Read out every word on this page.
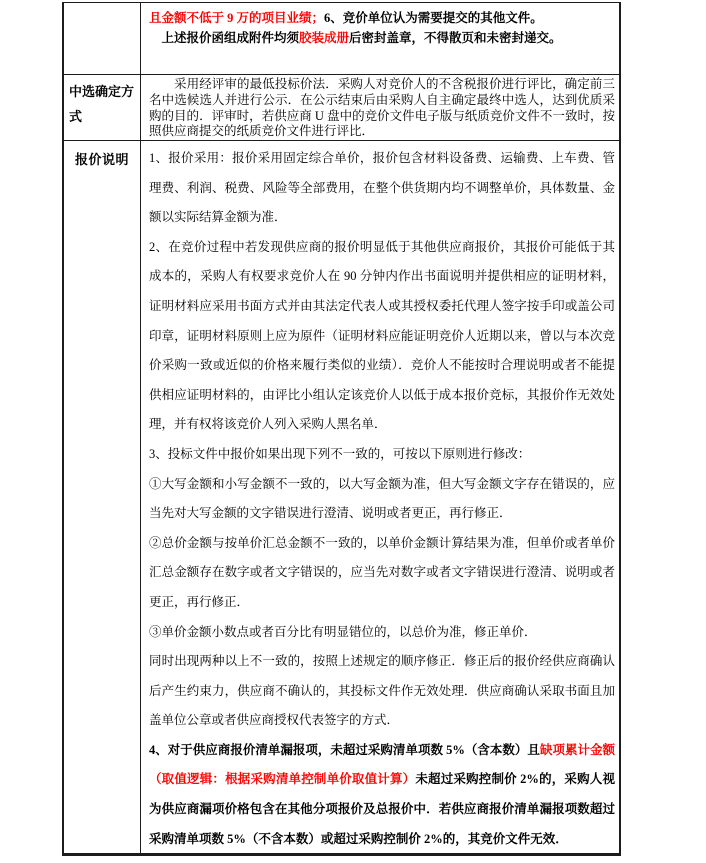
且金额不低于 9 万的项目业绩；6、竞价单位认为需要提交的其他文件。
上述报价函组成附件均须胶装成册后密封盖章，不得散页和未密封递交。
中选确定方式
采用经评审的最低投标价法．采购人对竞价人的不含税报价进行评比，确定前三名中选候选人并进行公示．在公示结束后由采购人自主确定最终中选人，达到优质采购的目的．评审时，若供应商 U 盘中的竞价文件电子版与纸质竞价文件不一致时，按照供应商提交的纸质竞价文件进行评比．
报价说明	1、报价采用：报价采用固定综合单价，报价包含材料设备费、运输费、上车费、管理费、利润、税费、风险等全部费用，在整个供货期内均不调整单价，具体数量、金额以实际结算金额为准．
2、在竞价过程中若发现供应商的报价明显低于其他供应商报价，其报价可能低于其成本的，采购人有权要求竞价人在 90 分钟内作出书面说明并提供相应的证明材料，证明材料应采用书面方式并由其法定代表人或其授权委托代理人签字按手印或盖公司印章，证明材料原则上应为原件（证明材料应能证明竞价人近期以来，曾以与本次竞价采购一致或近似的价格来履行类似的业绩）．竞价人不能按时合理说明或者不能提供相应证明材料的，由评比小组认定该竞价人以低于成本报价竞标，其报价作无效处理，并有权将该竞价人列入采购人黑名单．
3、投标文件中报价如果出现下列不一致的，可按以下原则进行修改：
①大写金额和小写金额不一致的，以大写金额为准，但大写金额文字存在错误的，应当先对大写金额的文字错误进行澄清、说明或者更正，再行修正．
②总价金额与按单价汇总金额不一致的，以单价金额计算结果为准，但单价或者单价汇总金额存在数字或者文字错误的，应当先对数字或者文字错误进行澄清、说明或者更正，再行修正．
③单价金额小数点或者百分比有明显错位的，以总价为准，修正单价．
同时出现两种以上不一致的，按照上述规定的顺序修正．修正后的报价经供应商确认后产生约束力，供应商不确认的，其投标文件作无效处理．供应商确认采取书面且加盖单位公章或者供应商授权代表签字的方式．
4、对于供应商报价清单漏报项，未超过采购清单项数 5%（含本数）且缺项累计金额（取值逻辑：根据采购清单控制单价取值计算）未超过采购控制价 2%的，采购人视为供应商漏项价格包含在其他分项报价及总报价中．若供应商报价清单漏报项数超过采购清单项数 5%（不含本数）或超过采购控制价 2%的，其竞价文件无效．
